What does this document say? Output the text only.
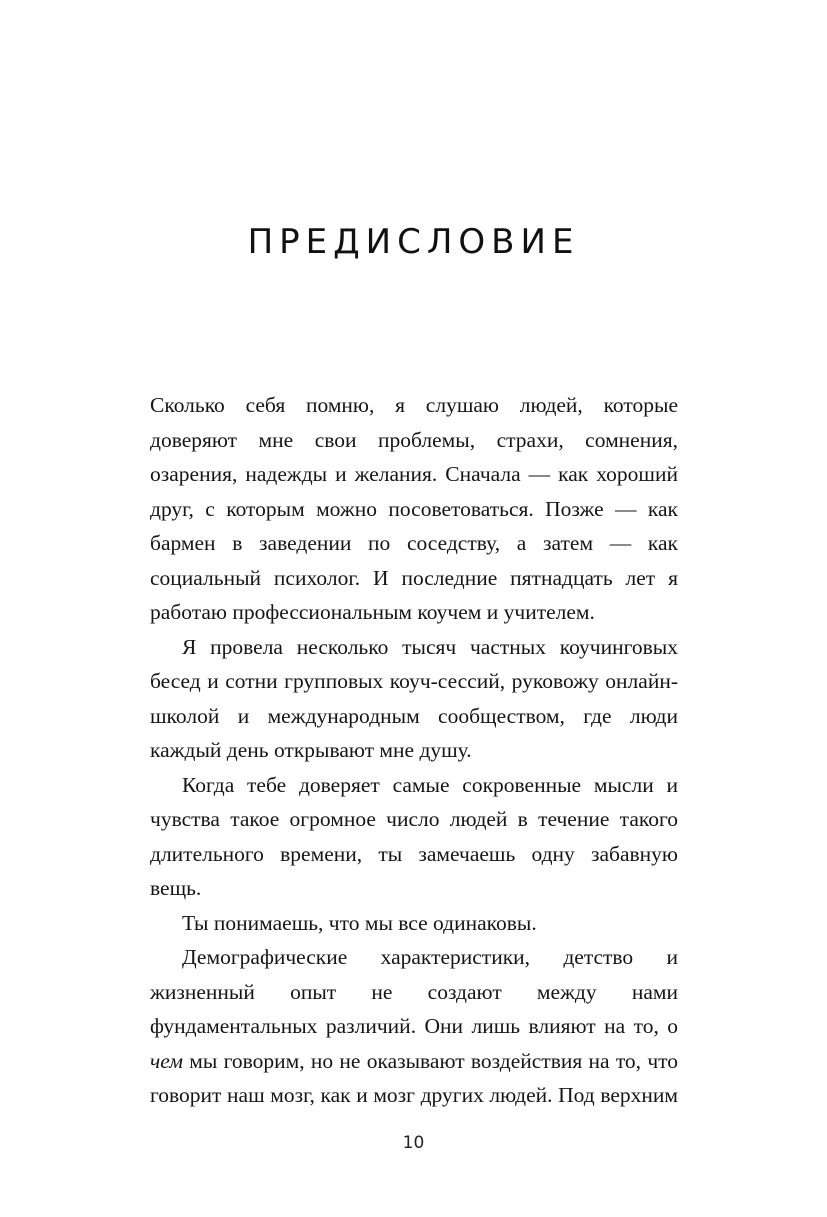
ПРЕДИСЛОВИЕ

Сколько себя помню, я слушаю людей, которые доверяют мне свои проблемы, страхи, сомнения, озарения, надежды и желания. Сначала — как хороший друг, с которым можно посоветоваться. Позже — как бармен в заведении по соседству, а затем — как социальный психолог. И последние пятнадцать лет я работаю профессиональным коучем и учителем.

Я провела несколько тысяч частных коучинговых бесед и сотни групповых коуч-сессий, руковожу онлайн-школой и международным сообществом, где люди каждый день открывают мне душу.

Когда тебе доверяет самые сокровенные мысли и чувства такое огромное число людей в течение такого длительного времени, ты замечаешь одну забавную вещь.

Ты понимаешь, что мы все одинаковы.

Демографические характеристики, детство и жизненный опыт не создают между нами фундаментальных различий. Они лишь влияют на то, о чем мы говорим, но не оказывают воздействия на то, что говорит наш мозг, как и мозг других людей. Под верхним

10
